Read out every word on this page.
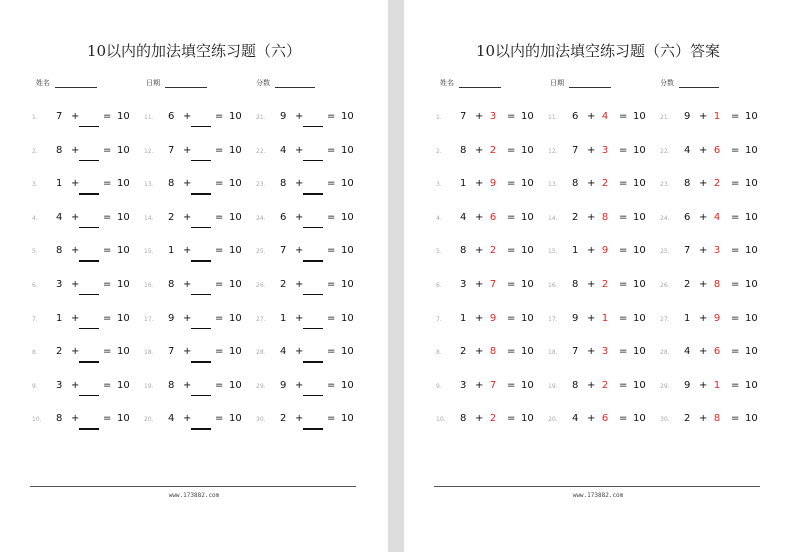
10以内的加法填空练习题（六）
姓名	日期	分数
1.	7 + = 10
2.	8 + = 10
3.	1 + = 10
4.	4 + = 10
5.	8 + = 10
6.	3 + = 10
7.	1 + = 10
8.	2 + = 10
9.	3 + = 10
10.	8 + = 10
11.	6 + = 10
12.	7 + = 10
13.	8 + = 10
14.	2 + = 10
15.	1 + = 10
16.	8 + = 10
17.	9 + = 10
18.	7 + = 10
19.	8 + = 10
20.	4 + = 10
21.	9 + = 10
22.	4 + = 10
23.	8 + = 10
24.	6 + = 10
25.	7 + = 10
26.	2 + = 10
27.	1 + = 10
28.	4 + = 10
29.	9 + = 10
30.	2 + = 10
www.173882.com
10以内的加法填空练习题（六）答案
姓名	日期	分数
1.	7 + 3	= 10
2.	8 + 2	= 10
3.	1 + 9	= 10
4.	4 + 6	= 10
5.	8 + 2	= 10
6.	3 + 7	= 10
7.	1 + 9	= 10
8.	2 + 8	= 10
9.	3 + 7	= 10
10.	8 + 2	= 10
11.	6 + 4	= 10
12.	7 + 3	= 10
13.	8 + 2	= 10
14.	2 + 8	= 10
15.	1 + 9	= 10
16.	8 + 2	= 10
17.	9 + 1	= 10
18.	7 + 3	= 10
19.	8 + 2	= 10
20.	4 + 6	= 10
21.	9 + 1	= 10
22.	4 + 6	= 10
23.	8 + 2	= 10
24.	6 + 4	= 10
25.	7 + 3	= 10
26.	2 + 8	= 10
27.	1 + 9	= 10
28.	4 + 6	= 10
29.	9 + 1	= 10
30.	2 + 8	= 10
www.173882.com
